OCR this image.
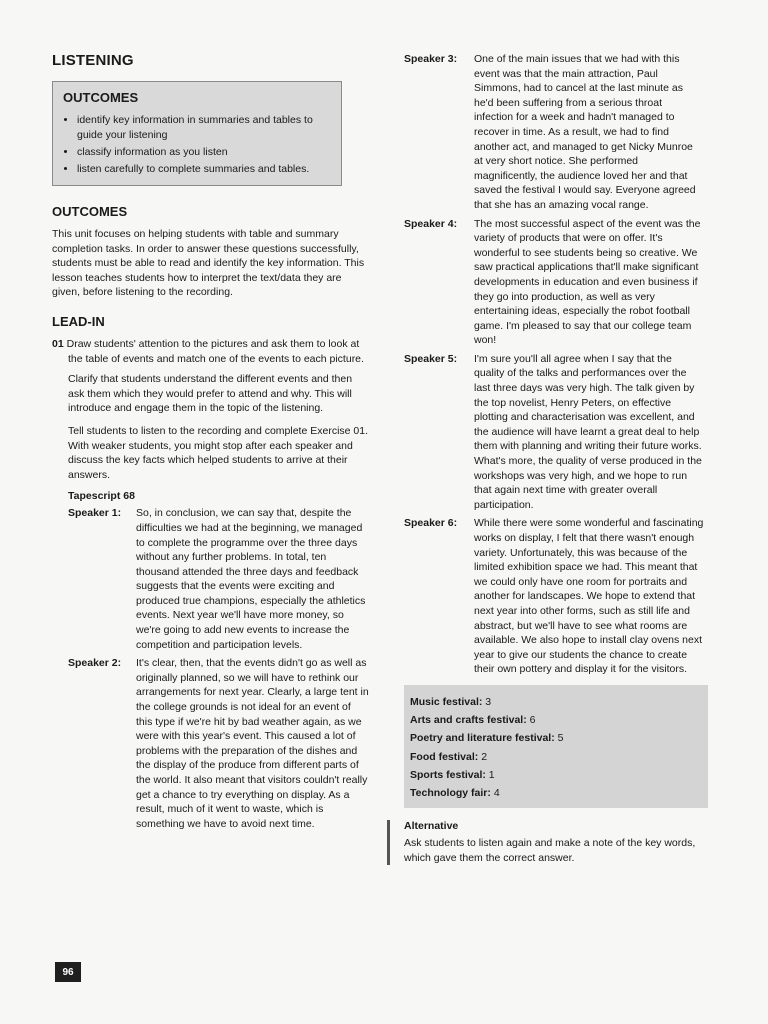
LISTENING
OUTCOMES
• identify key information in summaries and tables to guide your listening
• classify information as you listen
• listen carefully to complete summaries and tables.
OUTCOMES

This unit focuses on helping students with table and summary completion tasks. In order to answer these questions successfully, students must be able to read and identify the key information. This lesson teaches students how to interpret the text/data they are given, before listening to the recording.

LEAD-IN
01 Draw students' attention to the pictures and ask them to look at the table of events and match one of the events to each picture.

Clarify that students understand the different events and then ask them which they would prefer to attend and why. This will introduce and engage them in the topic of the listening.

Tell students to listen to the recording and complete Exercise 01. With weaker students, you might stop after each speaker and discuss the key facts which helped students to arrive at their answers.

Tapescript 68
Speaker 1:	So, in conclusion, we can say that, despite the difficulties we had at the beginning, we managed to complete the programme over the three days without any further problems. In total, ten thousand attended the three days and feedback suggests that the events were exciting and produced true champions, especially the athletics events. Next year we'll have more money, so we're going to add new events to increase the competition and participation levels.
Speaker 2:	It's clear, then, that the events didn't go as well as originally planned, so we will have to rethink our arrangements for next year. Clearly, a large tent in the college grounds is not ideal for an event of this type if we're hit by bad weather again, as we were with this year's event. This caused a lot of problems with the preparation of the dishes and the display of the produce from different parts of the world. It also meant that visitors couldn't really get a chance to try everything on display. As a result, much of it went to waste, which is something we have to avoid next time.
Speaker 3:	One of the main issues that we had with this event was that the main attraction, Paul Simmons, had to cancel at the last minute as he'd been suffering from a serious throat infection for a week and hadn't managed to recover in time. As a result, we had to find another act, and managed to get Nicky Munroe at very short notice. She performed magnificently, the audience loved her and that saved the festival I would say. Everyone agreed that she has an amazing vocal range.
Speaker 4:	The most successful aspect of the event was the variety of products that were on offer. It's wonderful to see students being so creative. We saw practical applications that'll make significant developments in education and even business if they go into production, as well as very entertaining ideas, especially the robot football game. I'm pleased to say that our college team won!
Speaker 5:	I'm sure you'll all agree when I say that the quality of the talks and performances over the last three days was very high. The talk given by the top novelist, Henry Peters, on effective plotting and characterisation was excellent, and the audience will have learnt a great deal to help them with planning and writing their future works. What's more, the quality of verse produced in the workshops was very high, and we hope to run that again next time with greater overall participation.
Speaker 6:	While there were some wonderful and fascinating works on display, I felt that there wasn't enough variety. Unfortunately, this was because of the limited exhibition space we had. This meant that we could only have one room for portraits and another for landscapes. We hope to extend that next year into other forms, such as still life and abstract, but we'll have to see what rooms are available. We also hope to install clay ovens next year to give our students the chance to create their own pottery and display it for the visitors.
Music festival: 3
Arts and crafts festival: 6
Poetry and literature festival: 5
Food festival: 2
Sports festival: 1
Technology fair: 4
Alternative

Ask students to listen again and make a note of the key words, which gave them the correct answer.

96
